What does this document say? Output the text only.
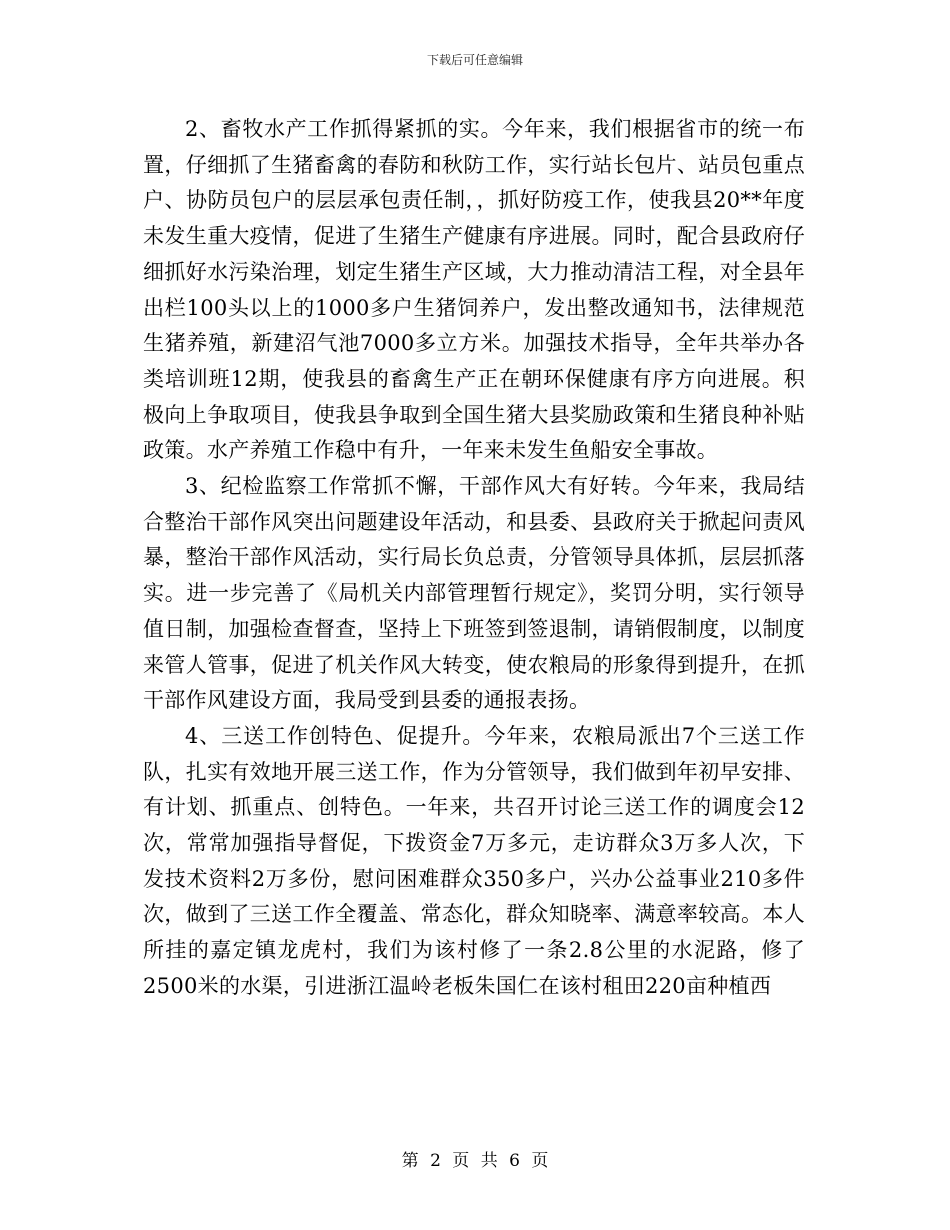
下载后可任意编辑

2、畜牧水产工作抓得紧抓的实。今年来，我们根据省市的统一布置，仔细抓了生猪畜禽的春防和秋防工作，实行站长包片、站员包重点户、协防员包户的层层承包责任制，，抓好防疫工作，使我县20**年度未发生重大疫情，促进了生猪生产健康有序进展。同时，配合县政府仔细抓好水污染治理，划定生猪生产区域，大力推动清洁工程，对全县年出栏100头以上的1000多户生猪饲养户，发出整改通知书，法律规范生猪养殖，新建沼气池7000多立方米。加强技术指导，全年共举办各类培训班12期，使我县的畜禽生产正在朝环保健康有序方向进展。积极向上争取项目，使我县争取到全国生猪大县奖励政策和生猪良种补贴政策。水产养殖工作稳中有升，一年来未发生鱼船安全事故。

3、纪检监察工作常抓不懈，干部作风大有好转。今年来，我局结合整治干部作风突出问题建设年活动，和县委、县政府关于掀起问责风暴，整治干部作风活动，实行局长负总责，分管领导具体抓，层层抓落实。进一步完善了《局机关内部管理暂行规定》，奖罚分明，实行领导值日制，加强检查督查，坚持上下班签到签退制，请销假制度，以制度来管人管事，促进了机关作风大转变，使农粮局的形象得到提升，在抓干部作风建设方面，我局受到县委的通报表扬。

4、三送工作创特色、促提升。今年来，农粮局派出7个三送工作队，扎实有效地开展三送工作，作为分管领导，我们做到年初早安排、有计划、抓重点、创特色。一年来，共召开讨论三送工作的调度会12次，常常加强指导督促，下拨资金7万多元，走访群众3万多人次，下发技术资料2万多份，慰问困难群众350多户，兴办公益事业210多件次，做到了三送工作全覆盖、常态化，群众知晓率、满意率较高。本人所挂的嘉定镇龙虎村，我们为该村修了一条2.8公里的水泥路，修了2500米的水渠，引进浙江温岭老板朱国仁在该村租田220亩种植西

第 2 页 共 6 页
